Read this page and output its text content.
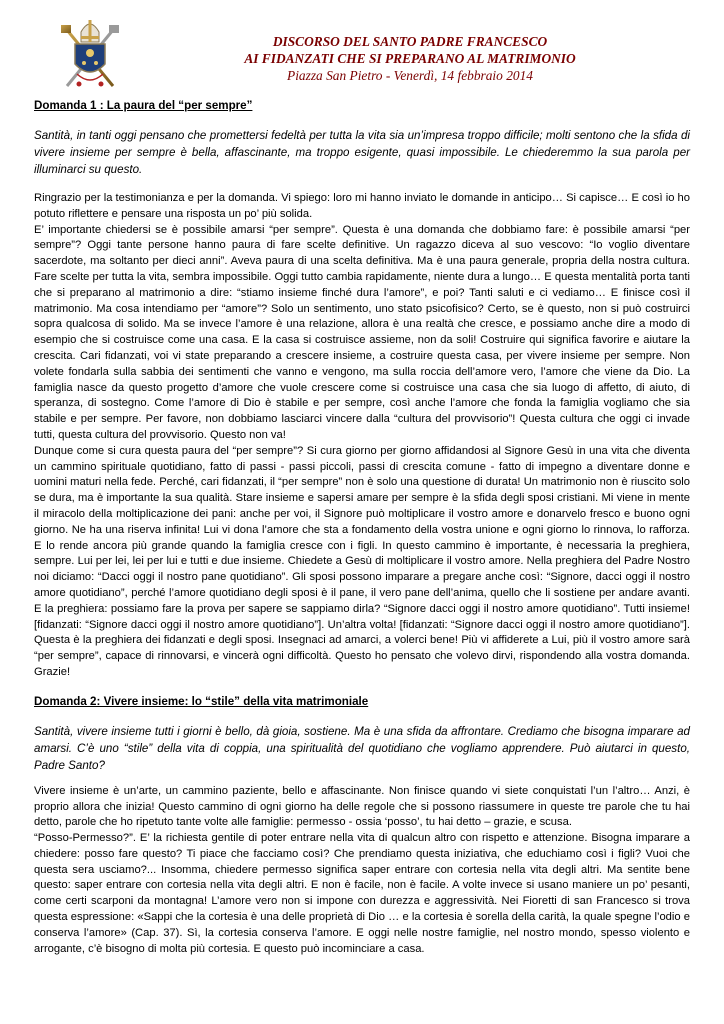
DISCORSO DEL SANTO PADRE FRANCESCO
AI FIDANZATI CHE SI PREPARANO AL MATRIMONIO
Piazza San Pietro - Venerdì, 14 febbraio 2014

Domanda 1 : La paura del “per sempre”

Santità, in tanti oggi pensano che promettersi fedeltà per tutta la vita sia un’impresa troppo difficile; molti sentono che la sfida di vivere insieme per sempre è bella, affascinante, ma troppo esigente, quasi impossibile. Le chiederemmo la sua parola per illuminarci su questo.

Ringrazio per la testimonianza e per la domanda. Vi spiego: loro mi hanno inviato le domande in anticipo… Si capisce… E così io ho potuto riflettere e pensare una risposta un po’ più solida.

E’ importante chiedersi se è possibile amarsi “per sempre”. Questa è una domanda che dobbiamo fare: è possibile amarsi “per sempre”? Oggi tante persone hanno paura di fare scelte definitive. Un ragazzo diceva al suo vescovo: “Io voglio diventare sacerdote, ma soltanto per dieci anni”. Aveva paura di una scelta definitiva. Ma è una paura generale, propria della nostra cultura. Fare scelte per tutta la vita, sembra impossibile. Oggi tutto cambia rapidamente, niente dura a lungo… E questa mentalità porta tanti che si preparano al matrimonio a dire: “stiamo insieme finché dura l’amore”, e poi? Tanti saluti e ci vediamo… E finisce così il matrimonio. Ma cosa intendiamo per “amore”? Solo un sentimento, uno stato psicofisico? Certo, se è questo, non si può costruirci sopra qualcosa di solido. Ma se invece l’amore è una relazione, allora è una realtà che cresce, e possiamo anche dire a modo di esempio che si costruisce come una casa. E la casa si costruisce assieme, non da soli! Costruire qui significa favorire e aiutare la crescita. Cari fidanzati, voi vi state preparando a crescere insieme, a costruire questa casa, per vivere insieme per sempre. Non volete fondarla sulla sabbia dei sentimenti che vanno e vengono, ma sulla roccia dell’amore vero, l’amore che viene da Dio. La famiglia nasce da questo progetto d’amore che vuole crescere come si costruisce una casa che sia luogo di affetto, di aiuto, di speranza, di sostegno. Come l’amore di Dio è stabile e per sempre, così anche l’amore che fonda la famiglia vogliamo che sia stabile e per sempre. Per favore, non dobbiamo lasciarci vincere dalla “cultura del provvisorio”! Questa cultura che oggi ci invade tutti, questa cultura del provvisorio. Questo non va!

Dunque come si cura questa paura del “per sempre”? Si cura giorno per giorno affidandosi al Signore Gesù in una vita che diventa un cammino spirituale quotidiano, fatto di passi - passi piccoli, passi di crescita comune - fatto di impegno a diventare donne e uomini maturi nella fede. Perché, cari fidanzati, il “per sempre” non è solo una questione di durata! Un matrimonio non è riuscito solo se dura, ma è importante la sua qualità. Stare insieme e sapersi amare per sempre è la sfida degli sposi cristiani. Mi viene in mente il miracolo della moltiplicazione dei pani: anche per voi, il Signore può moltiplicare il vostro amore e donarvelo fresco e buono ogni giorno. Ne ha una riserva infinita! Lui vi dona l’amore che sta a fondamento della vostra unione e ogni giorno lo rinnova, lo rafforza. E lo rende ancora più grande quando la famiglia cresce con i figli. In questo cammino è importante, è necessaria la preghiera, sempre. Lui per lei, lei per lui e tutti e due insieme. Chiedete a Gesù di moltiplicare il vostro amore. Nella preghiera del Padre Nostro noi diciamo: “Dacci oggi il nostro pane quotidiano”. Gli sposi possono imparare a pregare anche così: “Signore, dacci oggi il nostro amore quotidiano”, perché l’amore quotidiano degli sposi è il pane, il vero pane dell’anima, quello che li sostiene per andare avanti. E la preghiera: possiamo fare la prova per sapere se sappiamo dirla? “Signore dacci oggi il nostro amore quotidiano”. Tutti insieme! [fidanzati: “Signore dacci oggi il nostro amore quotidiano”]. Un’altra volta! [fidanzati: “Signore dacci oggi il nostro amore quotidiano”]. Questa è la preghiera dei fidanzati e degli sposi. Insegnaci ad amarci, a volerci bene! Più vi affiderete a Lui, più il vostro amore sarà “per sempre”, capace di rinnovarsi, e vincerà ogni difficoltà. Questo ho pensato che volevo dirvi, rispondendo alla vostra domanda. Grazie!

Domanda 2: Vivere insieme: lo “stile” della vita matrimoniale

Santità, vivere insieme tutti i giorni è bello, dà gioia, sostiene. Ma è una sfida da affrontare. Crediamo che bisogna imparare ad amarsi. C’è uno “stile” della vita di coppia, una spiritualità del quotidiano che vogliamo apprendere. Può aiutarci in questo, Padre Santo?

Vivere insieme è un’arte, un cammino paziente, bello e affascinante. Non finisce quando vi siete conquistati l’un l’altro… Anzi, è proprio allora che inizia! Questo cammino di ogni giorno ha delle regole che si possono riassumere in queste tre parole che tu hai detto, parole che ho ripetuto tante volte alle famiglie: permesso - ossia ‘posso’, tu hai detto – grazie, e scusa.

“Posso-Permesso?”. E’ la richiesta gentile di poter entrare nella vita di qualcun altro con rispetto e attenzione. Bisogna imparare a chiedere: posso fare questo? Ti piace che facciamo così? Che prendiamo questa iniziativa, che educhiamo così i figli? Vuoi che questa sera usciamo?... Insomma, chiedere permesso significa saper entrare con cortesia nella vita degli altri. Ma sentite bene questo: saper entrare con cortesia nella vita degli altri. E non è facile, non è facile. A volte invece si usano maniere un po’ pesanti, come certi scarponi da montagna! L’amore vero non si impone con durezza e aggressività. Nei Fioretti di san Francesco si trova questa espressione: «Sappi che la cortesia è una delle proprietà di Dio … e la cortesia è sorella della carità, la quale spegne l’odio e conserva l’amore» (Cap. 37). Sì, la cortesia conserva l’amore. E oggi nelle nostre famiglie, nel nostro mondo, spesso violento e arrogante, c’è bisogno di molta più cortesia. E questo può incominciare a casa.
